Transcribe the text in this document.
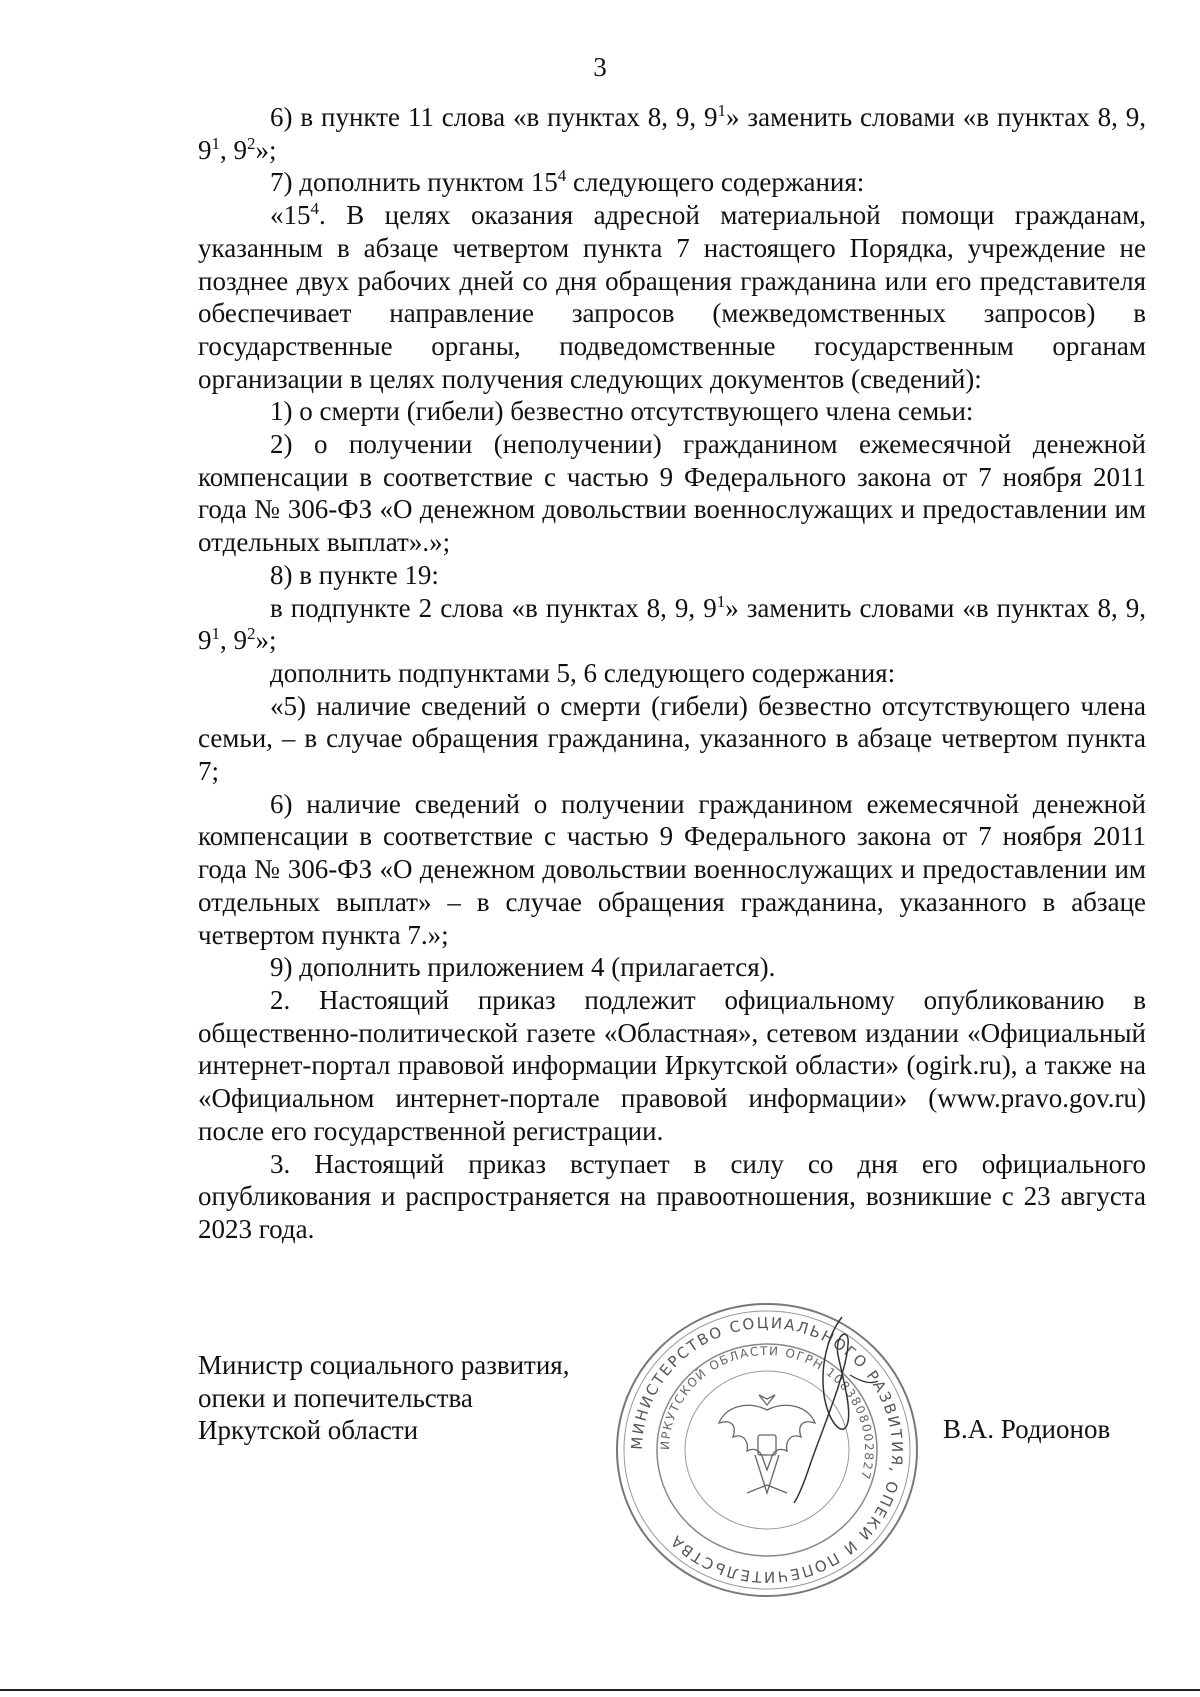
3

6) в пункте 11 слова «в пунктах 8, 9, $9^1$» заменить словами «в пунктах 8, 9, $9^1$, $9^2$»;

7) дополнить пунктом $15^4$ следующего содержания:

«$15^4$. В целях оказания адресной материальной помощи гражданам, указанным в абзаце четвертом пункта 7 настоящего Порядка, учреждение не позднее двух рабочих дней со дня обращения гражданина или его представителя обеспечивает направление запросов (межведомственных запросов) в государственные органы, подведомственные государственным органам организации в целях получения следующих документов (сведений):

1) о смерти (гибели) безвестно отсутствующего члена семьи:

2) о получении (неполучении) гражданином ежемесячной денежной компенсации в соответствие с частью 9 Федерального закона от 7 ноября 2011 года № 306-ФЗ «О денежном довольствии военнослужащих и предоставлении им отдельных выплат».»;

8) в пункте 19:

в подпункте 2 слова «в пунктах 8, 9, $9^1$» заменить словами «в пунктах 8, 9, $9^1$, $9^2$»;

дополнить подпунктами 5, 6 следующего содержания:

«5) наличие сведений о смерти (гибели) безвестно отсутствующего члена семьи, – в случае обращения гражданина, указанного в абзаце четвертом пункта 7;

6) наличие сведений о получении гражданином ежемесячной денежной компенсации в соответствие с частью 9 Федерального закона от 7 ноября 2011 года № 306-ФЗ «О денежном довольствии военнослужащих и предоставлении им отдельных выплат» – в случае обращения гражданина, указанного в абзаце четвертом пункта 7.»;

9) дополнить приложением 4 (прилагается).

2. Настоящий приказ подлежит официальному опубликованию в общественно-политической газете «Областная», сетевом издании «Официальный интернет-портал правовой информации Иркутской области» (ogirk.ru), а также на «Официальном интернет-портале правовой информации» (www.pravo.gov.ru) после его государственной регистрации.

3. Настоящий приказ вступает в силу со дня его официального опубликования и распространяется на правоотношения, возникшие с 23 августа 2023 года.

Министр социального развития,
опеки и попечительства
Иркутской области	МИНИСТЕРСТВО СОЦИАЛЬНОГО РАЗВИТИЯ, ОПЕКИ И ПОПЕЧИТЕЛЬСТВА
ИРКУТСКОЙ ОБЛАСТИ ОГРН 1083808002827
В.А. Родионов
